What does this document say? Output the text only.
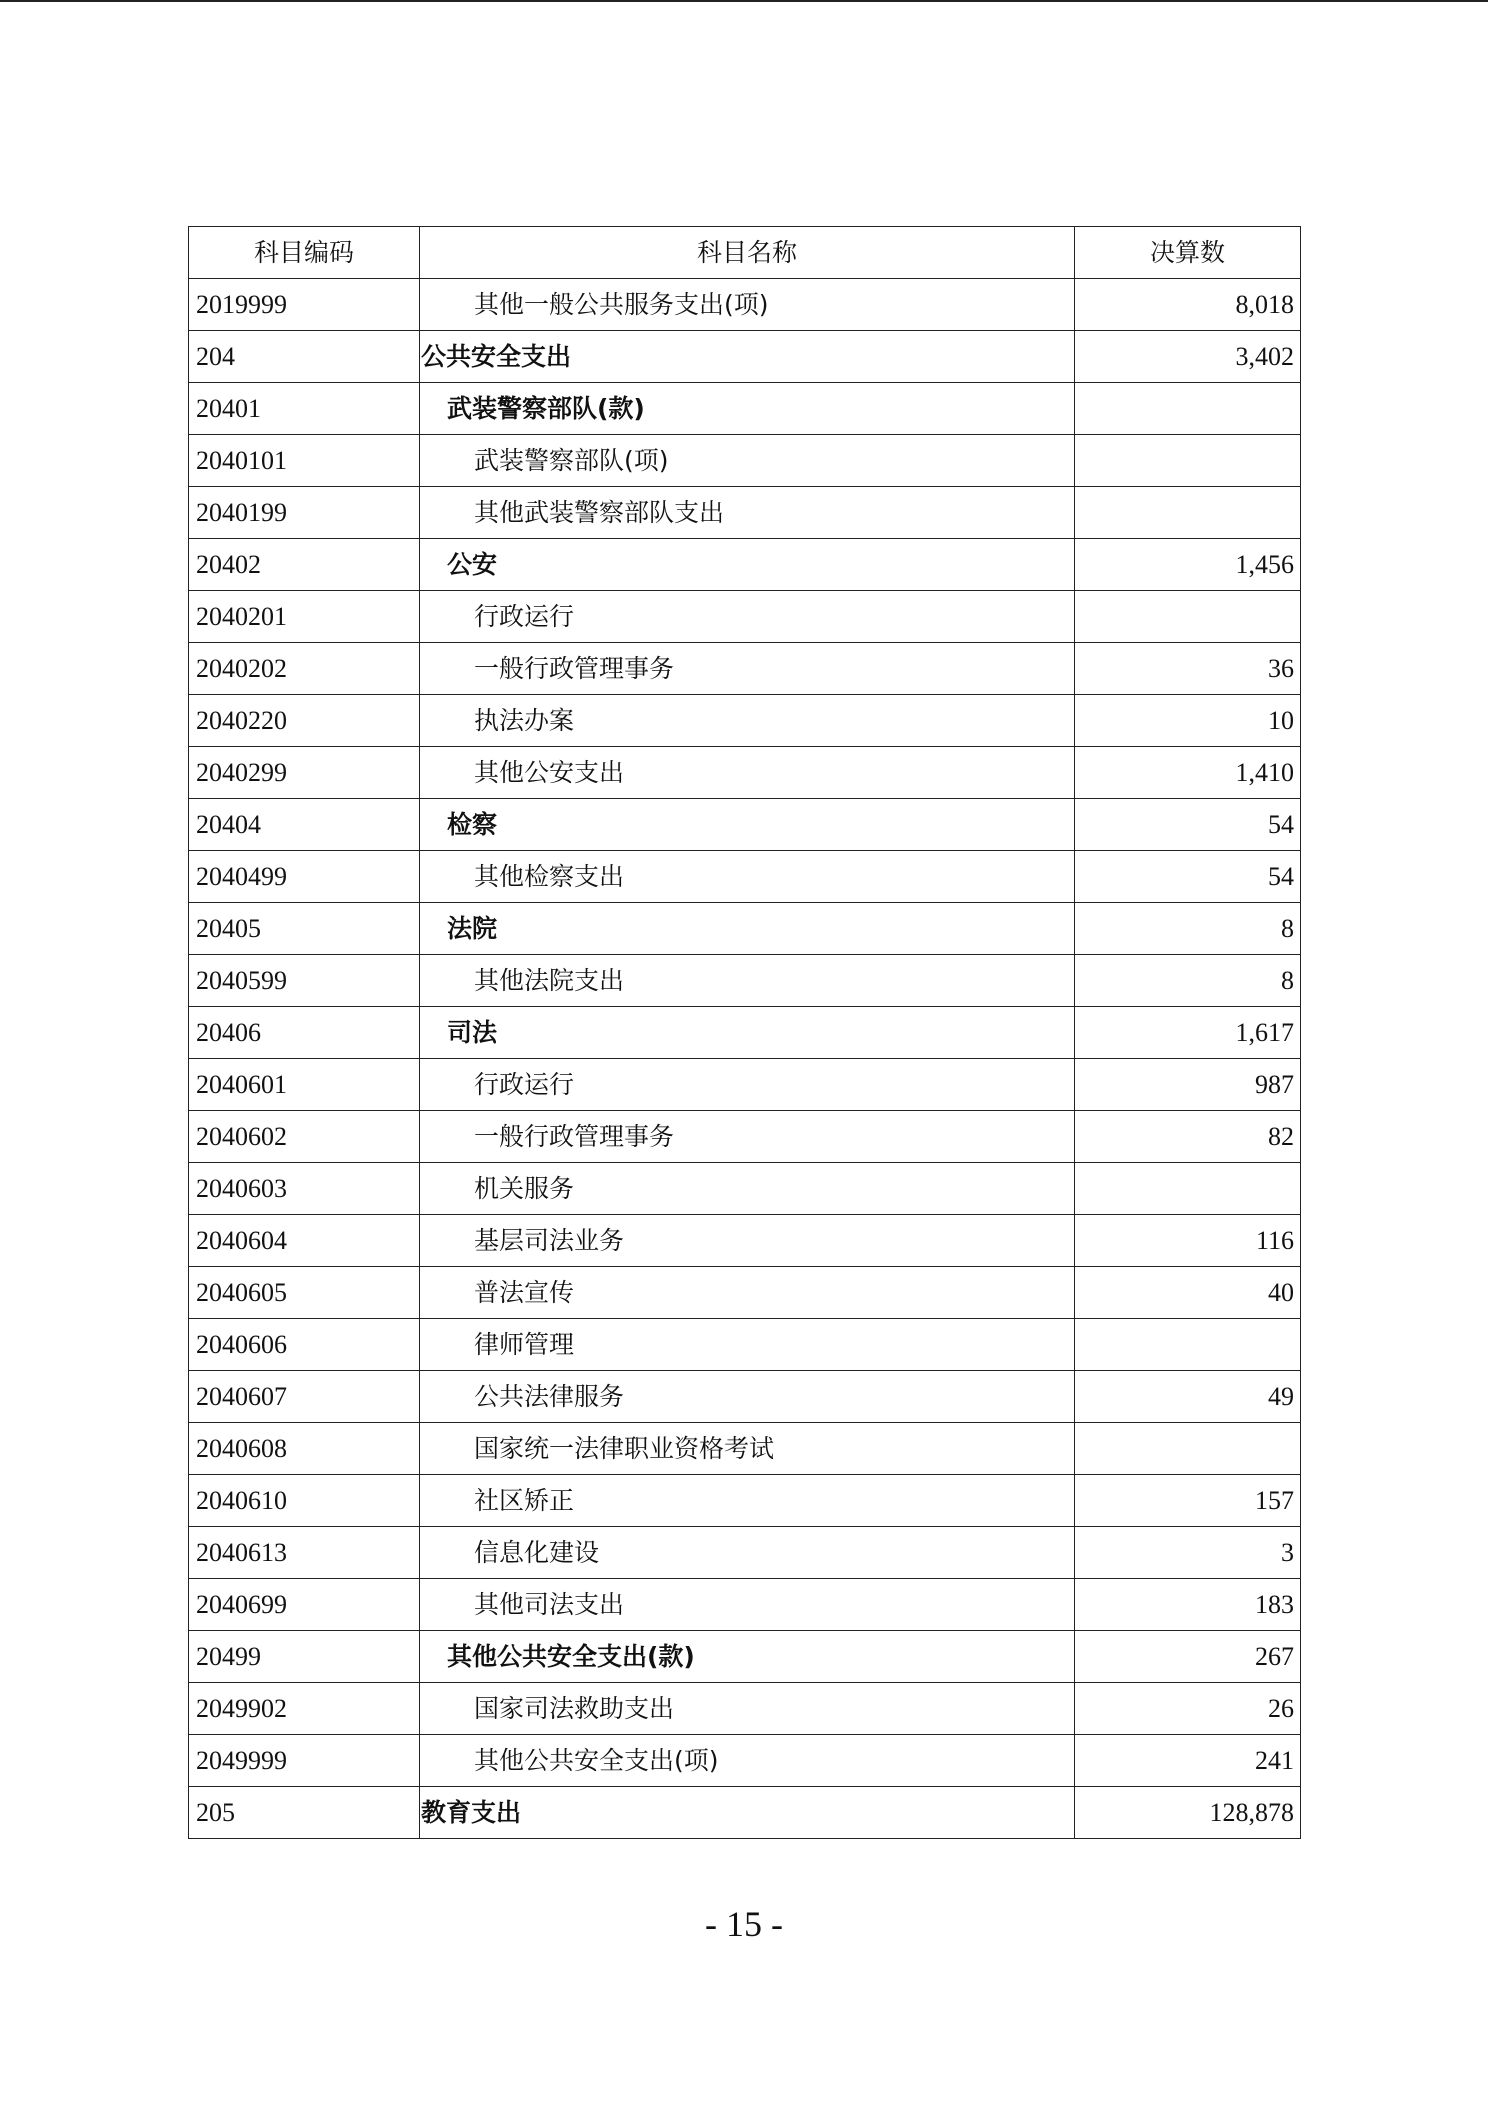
科目编码	科目名称	决算数
2019999	其他一般公共服务支出(项)	8,018
204	公共安全支出	3,402
20401	武装警察部队(款)	
2040101	武装警察部队(项)	
2040199	其他武装警察部队支出	
20402	公安	1,456
2040201	行政运行	
2040202	一般行政管理事务	36
2040220	执法办案	10
2040299	其他公安支出	1,410
20404	检察	54
2040499	其他检察支出	54
20405	法院	8
2040599	其他法院支出	8
20406	司法	1,617
2040601	行政运行	987
2040602	一般行政管理事务	82
2040603	机关服务	
2040604	基层司法业务	116
2040605	普法宣传	40
2040606	律师管理	
2040607	公共法律服务	49
2040608	国家统一法律职业资格考试	
2040610	社区矫正	157
2040613	信息化建设	3
2040699	其他司法支出	183
20499	其他公共安全支出(款)	267
2049902	国家司法救助支出	26
2049999	其他公共安全支出(项)	241
205	教育支出	128,878
- 15 -
